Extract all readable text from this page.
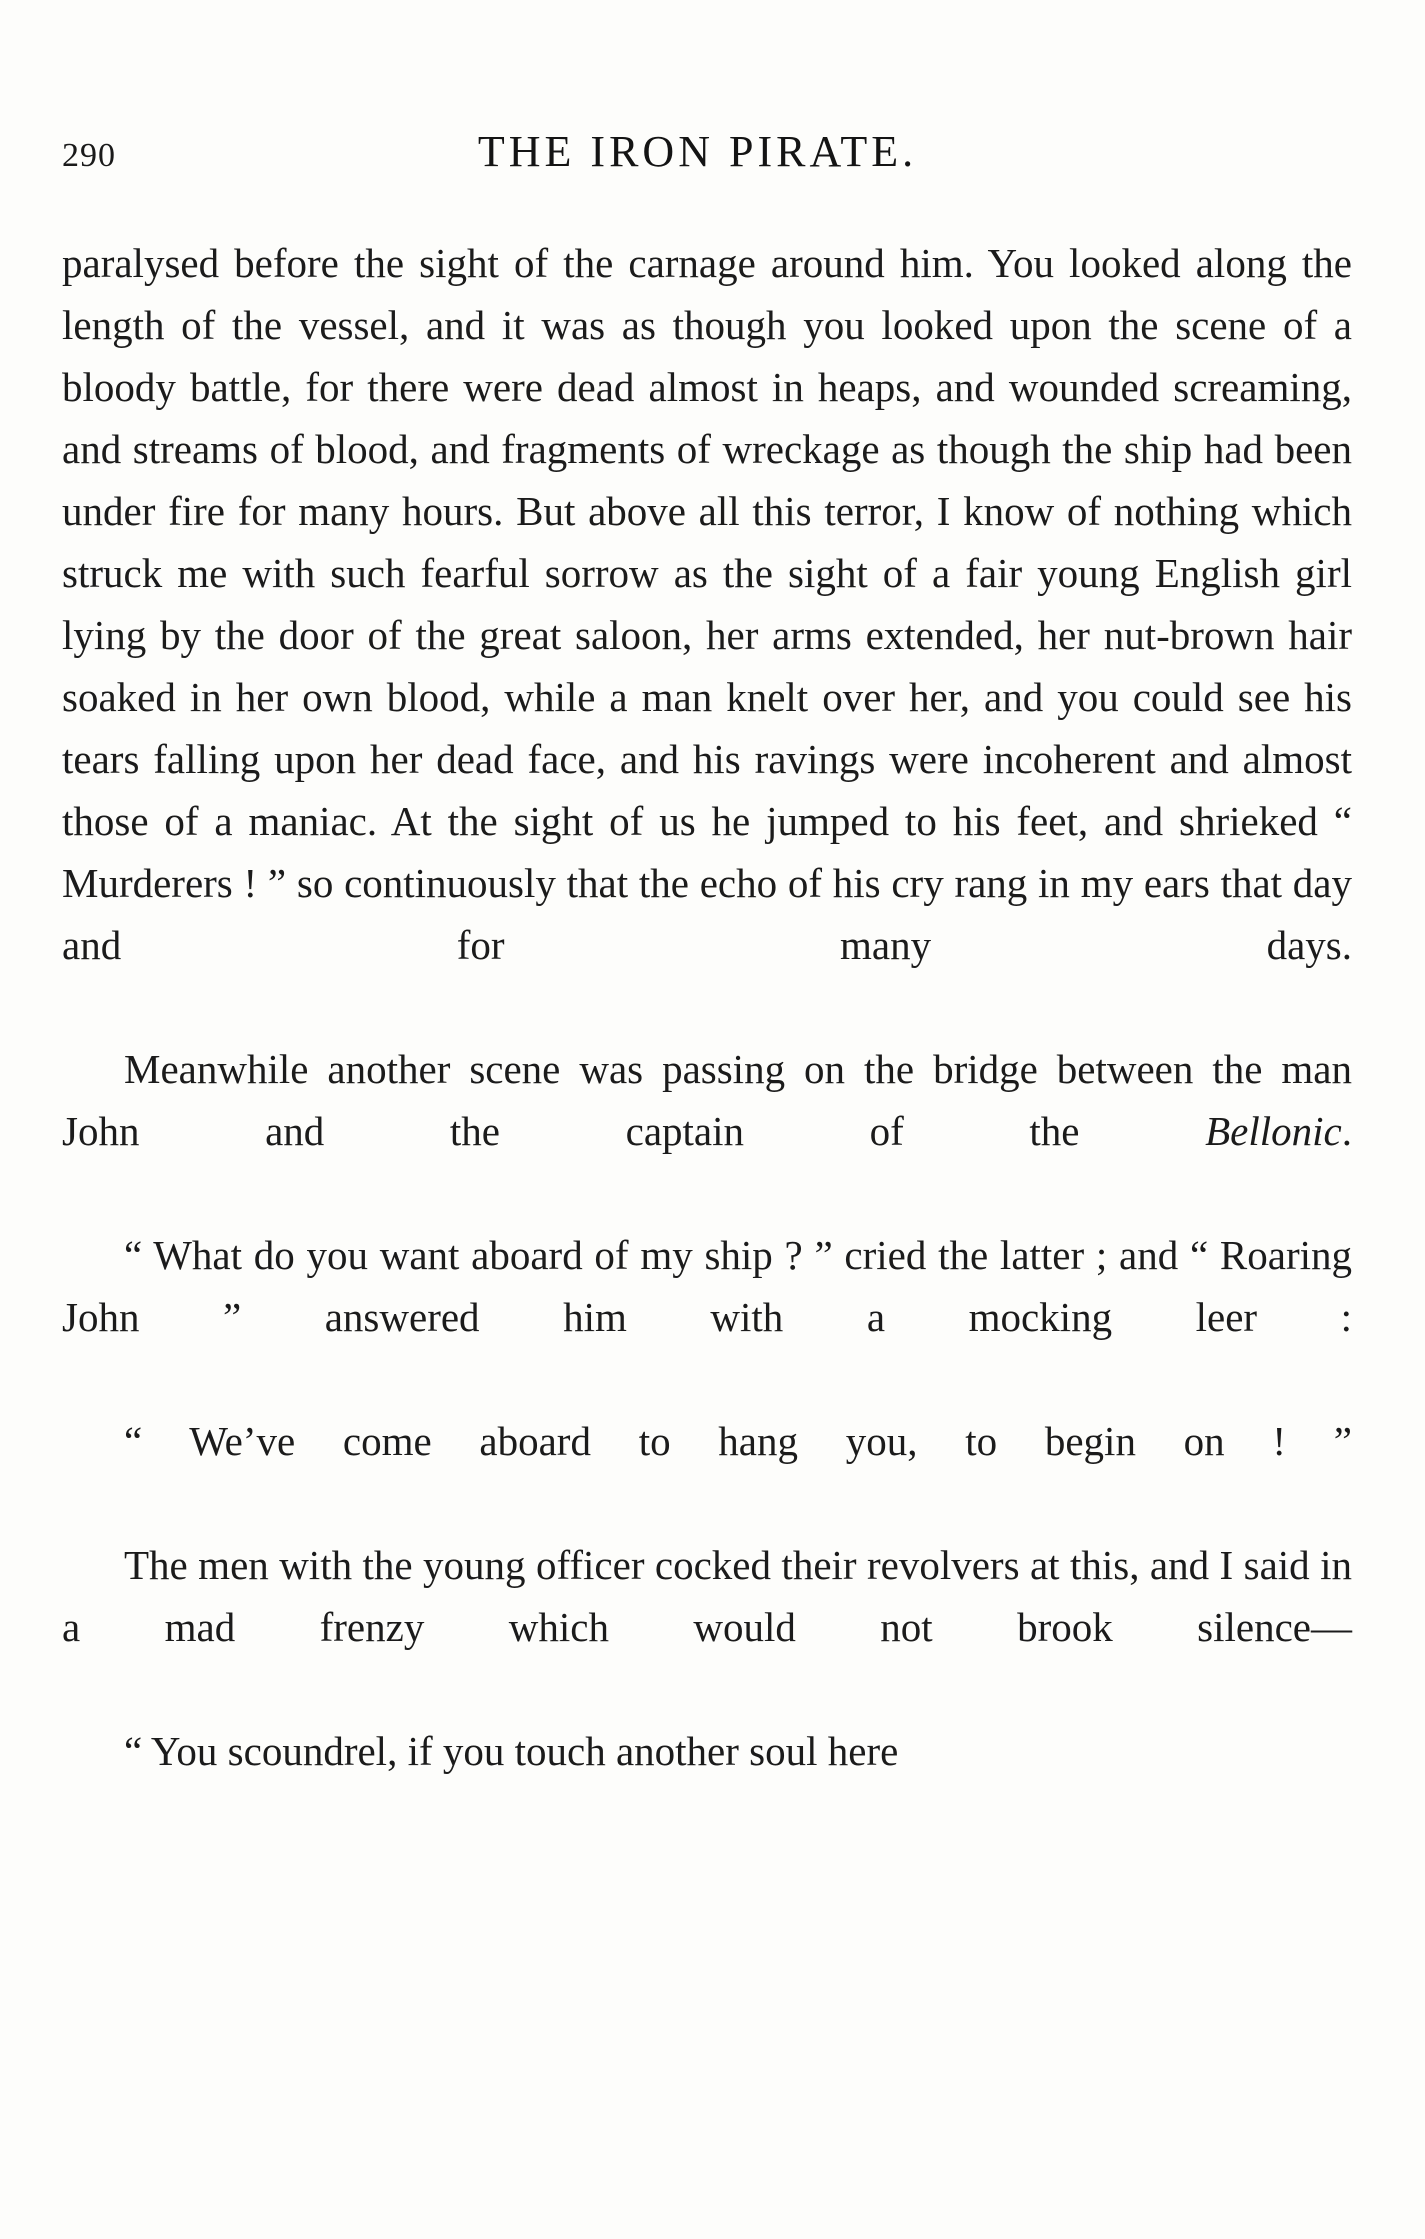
290	THE IRON PIRATE.

paralysed before the sight of the carnage around him. You looked along the length of the vessel, and it was as though you looked upon the scene of a bloody battle, for there were dead almost in heaps, and wounded screaming, and streams of blood, and fragments of wreckage as though the ship had been under fire for many hours. But above all this terror, I know of nothing which struck me with such fearful sorrow as the sight of a fair young English girl lying by the door of the great saloon, her arms extended, her nut-brown hair soaked in her own blood, while a man knelt over her, and you could see his tears falling upon her dead face, and his ravings were incoherent and almost those of a maniac. At the sight of us he jumped to his feet, and shrieked “ Murderers ! ” so continuously that the echo of his cry rang in my ears that day and for many days.

Meanwhile another scene was passing on the bridge between the man John and the captain of the Bellonic.

“ What do you want aboard of my ship ? ” cried the latter ; and “ Roaring John ” answered him with a mocking leer :

“ We’ve come aboard to hang you, to begin on ! ”

The men with the young officer cocked their revolvers at this, and I said in a mad frenzy which would not brook silence—

“ You scoundrel, if you touch another soul here
